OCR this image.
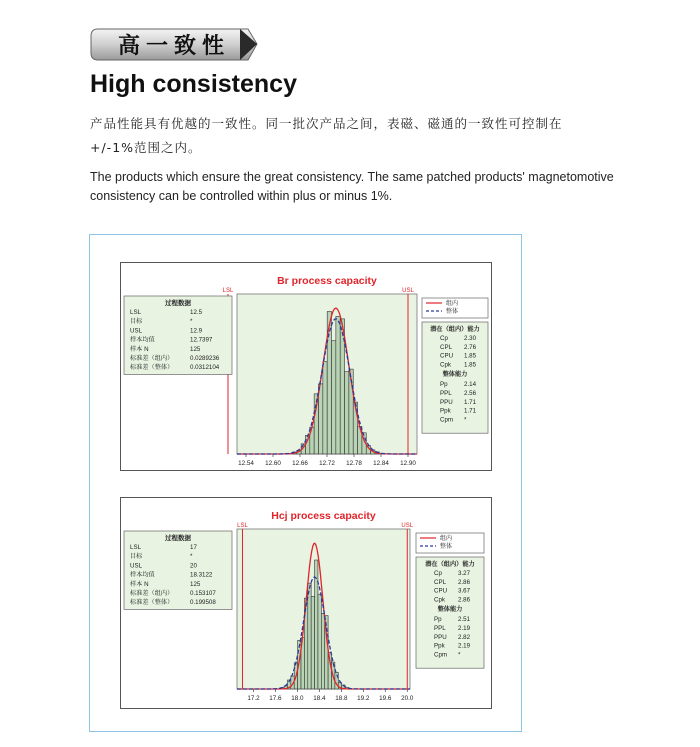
高一致性
High consistency

产品性能具有优越的一致性。同一批次产品之间，表磁、磁通的一致性可控制在
+/-1%范围之内。

The products which ensure the great consistency. The same patched products' magnetomotive consistency can be controlled within plus or minus 1%.

Br process capacity
LSL	USL
12.54 12.60 12.66 12.72 12.78 12.84 12.90
过程数据
LSL	12.5
目标	*
USL	12.9
样本均值	12.7397
样本 N	125
标准差（组内）	0.0289236
标准差（整体）	0.0312104
组内
整体
潜在（组内）能力
Cp	2.30
CPL 2.76
CPU 1.85
Cpk 1.85
整体能力
Pp	2.14
PPL 2.56
PPU 1.71
Ppk 1.71
Cpm *
Hcj process capacity
LSL	USL
17.2 17.6 18.0 18.4 18.8 19.2 19.6 20.0
过程数据
LSL	17
目标	*
USL	20
样本均值	18.3122
样本 N	125
标准差（组内）	0.153107
标准差（整体）	0.199508
组内
整体
潜在（组内）能力
Cp	3.27
CPL 2.86
CPU 3.67
Cpk 2.86
整体能力
Pp	2.51
PPL 2.19
PPU 2.82
Ppk 2.19
Cpm *
